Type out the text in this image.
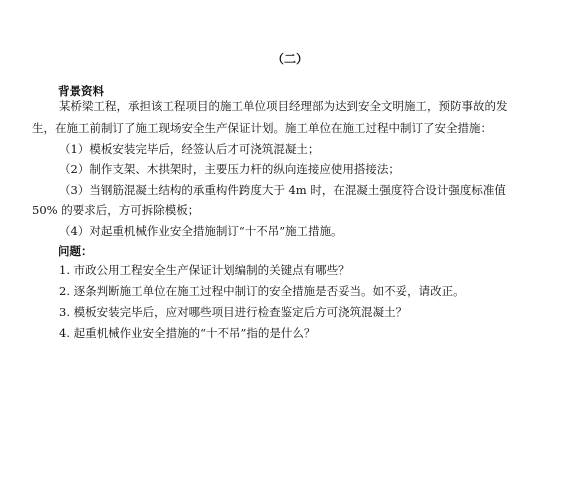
（二）
背景资料
某桥梁工程，承担该工程项目的施工单位项目经理部为达到安全文明施工，预防事故的发
生，在施工前制订了施工现场安全生产保证计划。施工单位在施工过程中制订了安全措施：
（1）模板安装完毕后，经签认后才可浇筑混凝土；
（2）制作支架、木拱架时，主要压力杆的纵向连接应使用搭接法；
（3）当钢筋混凝土结构的承重构件跨度大于 4m 时，在混凝土强度符合设计强度标准值
50% 的要求后，方可拆除模板；
（4）对起重机械作业安全措施制订“十不吊”施工措施。
问题：
1. 市政公用工程安全生产保证计划编制的关键点有哪些？
2. 逐条判断施工单位在施工过程中制订的安全措施是否妥当。如不妥，请改正。
3. 模板安装完毕后，应对哪些项目进行检查鉴定后方可浇筑混凝土？
4. 起重机械作业安全措施的“十不吊”指的是什么？
